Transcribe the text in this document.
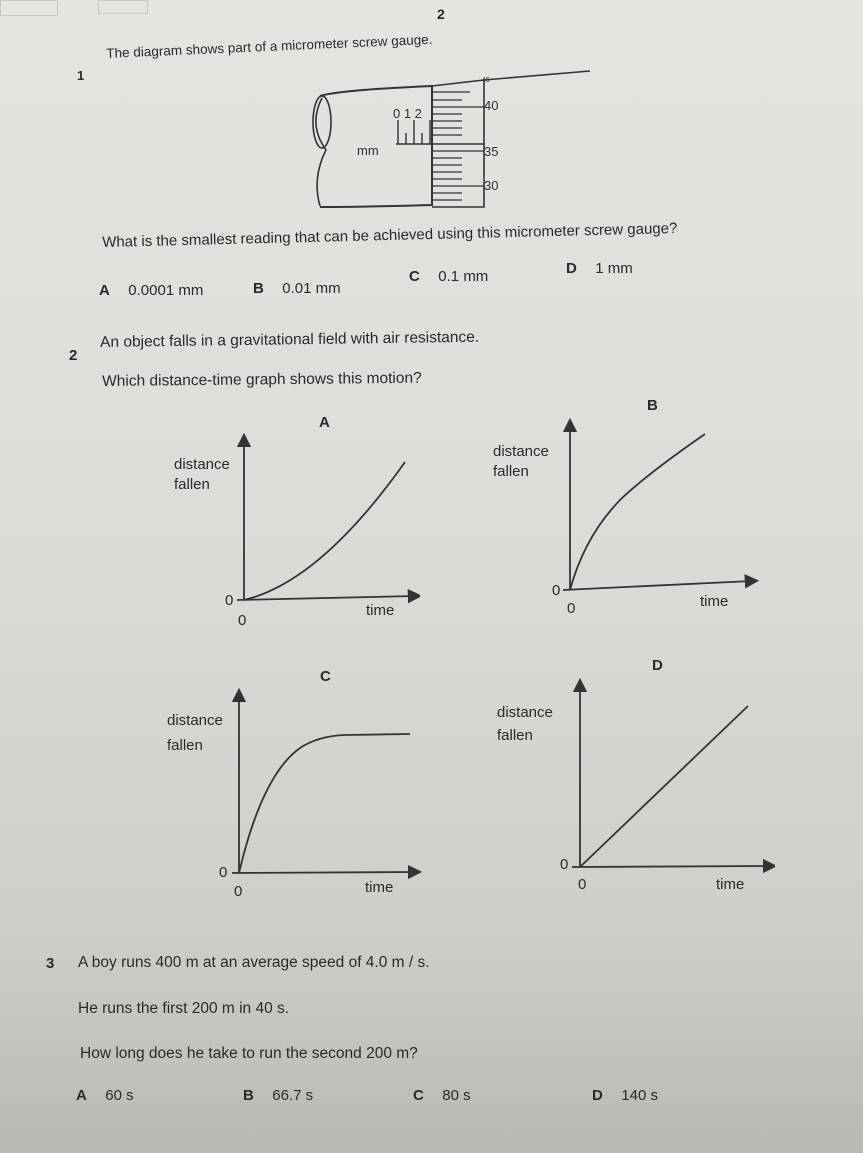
2
1
The diagram shows part of a micrometer screw gauge.
45
0 1 2
mm
40
35
30
What is the smallest reading that can be achieved using this micrometer screw gauge?
A 0.0001 mm	B 0.01 mm
C 0.1 mm	D 1 mm
2
An object falls in a gravitational field with air resistance.
Which distance-time graph shows this motion?
A
distance
fallen
0
0
time
B
distance
fallen
0
0	time
C
distance
fallen
0
0	time
D
distance
fallen
0
0	time
3 A boy runs 400 m at an average speed of 4.0 m / s.
He runs the first 200 m in 40 s.
How long does he take to run the second 200 m?
A 60 s	B 66.7 s	C 80 s	D 140 s
